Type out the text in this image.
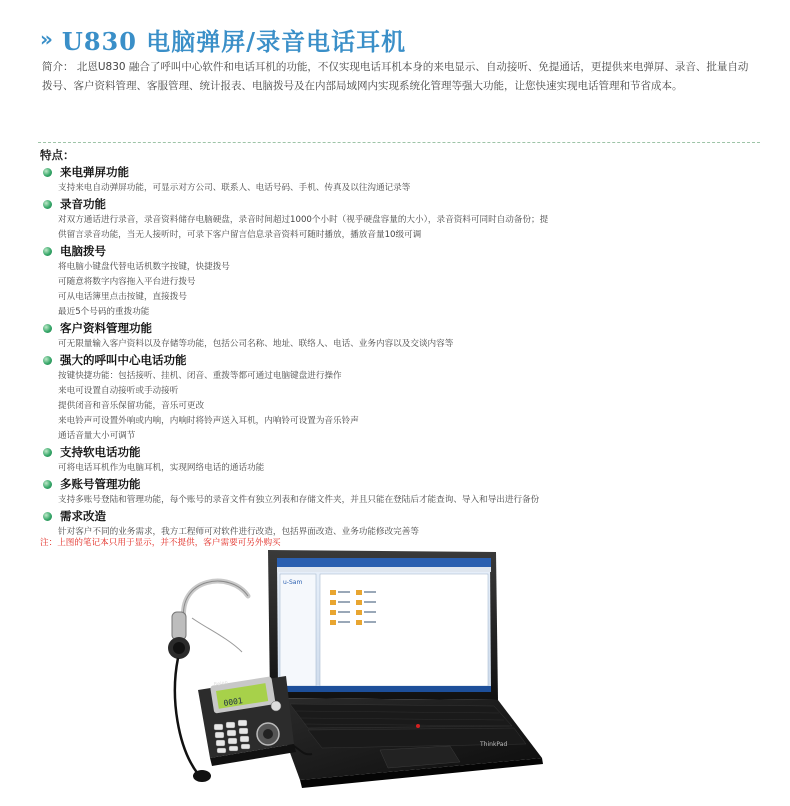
» U830 电脑弹屏/录音电话耳机
简介： 北恩U830 融合了呼叫中心软件和电话耳机的功能，不仅实现电话耳机本身的来电显示、自动接听、免提通话，更提供来电弹屏、录音、批量自动拨号、客户资料管理、客服管理、统计报表、电脑拨号及在内部局域网内实现系统化管理等强大功能，让您快速实现电话管理和节省成本。
特点：
来电弹屏功能
支持来电自动弹屏功能，可显示对方公司、联系人、电话号码、手机、传真及以往沟通记录等
录音功能
对双方通话进行录音，录音资料储存电脑硬盘，录音时间超过1000个小时（视乎硬盘容量的大小），录音资料可同时自动备份；提
供留言录音功能，当无人接听时，可录下客户留言信息录音资料可随时播放，播放音量10级可调
电脑拨号
将电脑小键盘代替电话机数字按键，快捷拨号
可随意将数字内容拖入平台进行拨号
可从电话簿里点击按键，直接拨号
最近5个号码的重拨功能
客户资料管理功能
可无限量输入客户资料以及存储等功能，包括公司名称、地址、联络人、电话、业务内容以及交谈内容等
强大的呼叫中心电话功能
按键快捷功能：包括接听、挂机、闭音、重拨等都可通过电脑键盘进行操作
来电可设置自动接听或手动接听
提供闭音和音乐保留功能，音乐可更改
来电铃声可设置外响或内响，内响时将铃声送入耳机，内响铃可设置为音乐铃声
通话音量大小可调节
支持软电话功能
可将电话耳机作为电脑耳机，实现网络电话的通话功能
多账号管理功能
支持多账号登陆和管理功能，每个账号的录音文件有独立列表和存储文件夹，并且只能在登陆后才能查询、导入和导出进行备份
需求改造
针对客户不同的业务需求，我方工程师可对软件进行改造，包括界面改造、业务功能修改完善等
注：上图的笔记本只用于显示，并不提供，客户需要可另外购买
u-Sam
ThinkPad
0001
Beien
